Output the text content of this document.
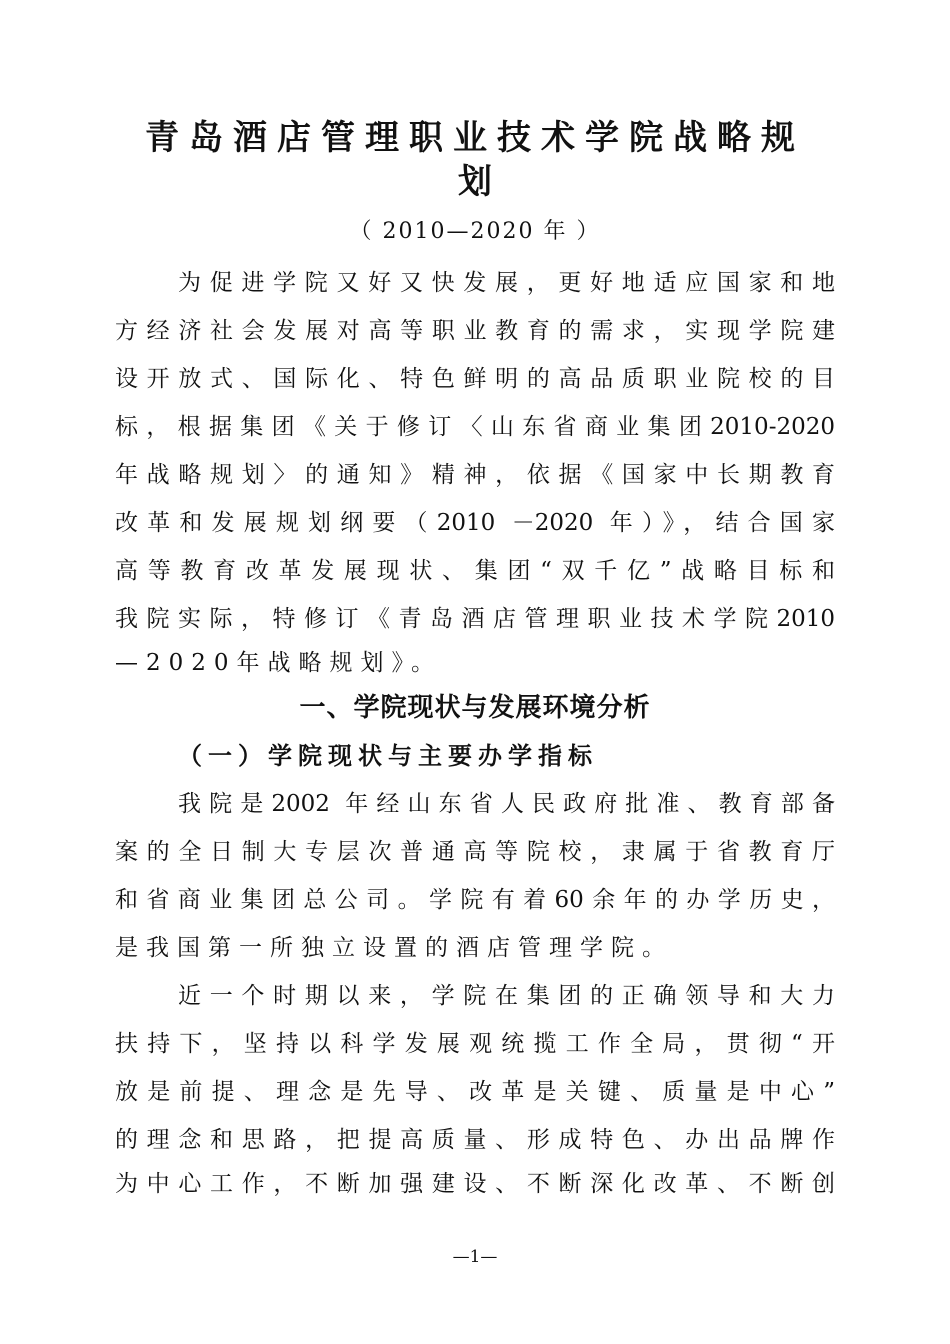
青岛酒店管理职业技术学院战略规
划
（ 2010—2020 年 ）
为促进学院又好又快发展，更好地适应国家和地
方经济社会发展对高等职业教育的需求，实现学院建
设开放式、国际化、特色鲜明的高品质职业院校的目
标，根据集团《关于修订〈山东省商业集团2010-2020
年战略规划〉的通知》精神，依据《国家中长期教育
改革和发展规划纲要（2010 －2020 年）》，结合国家
高等教育改革发展现状、集团“双千亿”战略目标和
我院实际，特修订《青岛酒店管理职业技术学院2010
—2020年战略规划》。
一、学院现状与发展环境分析
（一）学院现状与主要办学指标
我院是2002 年经山东省人民政府批准、教育部备
案的全日制大专层次普通高等院校，隶属于省教育厅
和省商业集团总公司。学院有着60余年的办学历史，
是我国第一所独立设置的酒店管理学院。
近一个时期以来，学院在集团的正确领导和大力
扶持下，坚持以科学发展观统揽工作全局，贯彻“开
放是前提、理念是先导、改革是关键、质量是中心”
的理念和思路，把提高质量、形成特色、办出品牌作
为中心工作，不断加强建设、不断深化改革、不断创
—1—
